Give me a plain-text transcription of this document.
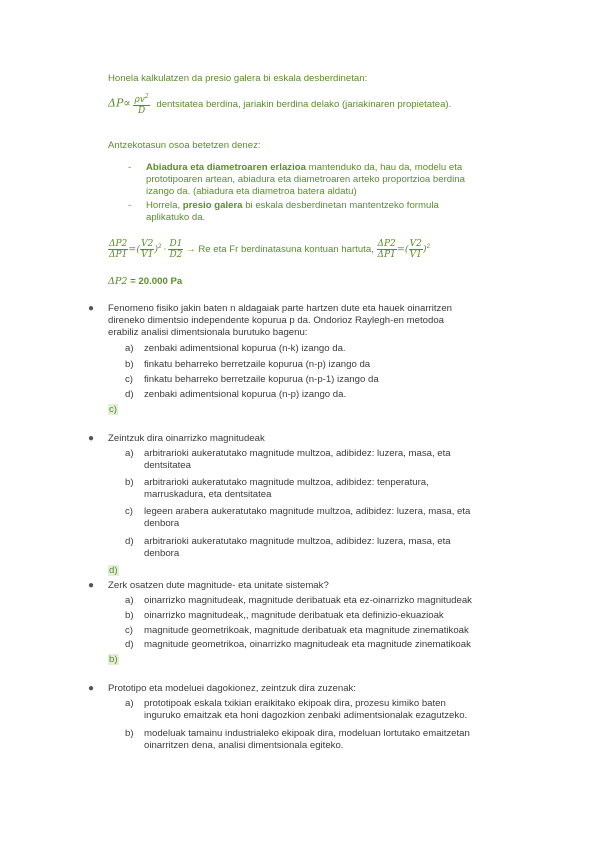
Honela kalkulatzen da presio galera bi eskala desberdinetan:
$\Delta P\propto \frac{\rho v^2}{D}$ dentsitatea berdina, jariakin berdina delako (jariakinaren propietatea).
Antzekotasun osoa betetzen denez:
- Abiadura eta diametroaren erlazioa mantenduko da, hau da, modelu eta
prototipoaren artean, abiadura eta diametroaren arteko proportzioa berdina
izango da. (abiadura eta diametroa batera aldatu)
- Horrela, presio galera bi eskala desberdinetan mantentzeko formula
aplikatuko da.
$\frac{\Delta P2}{\Delta P1}$ =( $\frac{V2}{V1} )^2 \cdot \frac{D1}{D2} \to Re$ eta Fr berdinatasuna kontuan hartuta, $\frac{\Delta P2}{\Delta P1}$ =( $\frac{V2}{V1} )^2$
ΔP2 = 20.000 Pa
● Fenomeno fisiko jakin baten n aldagaiak parte hartzen dute eta hauek oinarritzen
direneko dimentsio independente kopurua p da. Ondorioz Raylegh-en metodoa
erabiliz analisi dimentsionala burutuko bagenu:
a)	zenbaki adimentsional kopurua (n-k) izango da.
b)	finkatu beharreko berretzaile kopurua (n-p) izango da
c)	finkatu beharreko berretzaile kopurua (n-p-1) izango da
d)	zenbaki adimentsional kopurua (n-p) izango da.
c)
● Zeintzuk dira oinarrizko magnitudeak
a)	arbitrarioki aukeratutako magnitude multzoa, adibidez: luzera, masa, eta
dentsitatea
b)	arbitrarioki aukeratutako magnitude multzoa, adibidez: tenperatura,
marruskadura, eta dentsitatea
c)	legeen arabera aukeratutako magnitude multzoa, adibidez: luzera, masa, eta
denbora
d)	arbitrarioki aukeratutako magnitude multzoa, adibidez: luzera, masa, eta
denbora
d)
● Zerk osatzen dute magnitude- eta unitate sistemak?
a)	oinarrizko magnitudeak, magnitude deribatuak eta ez-oinarrizko magnitudeak
b)	oinarrizko magnitudeak,, magnitude deribatuak eta definizio-ekuazioak
c)	magnitude geometrikoak, magnitude deribatuak eta magnitude zinematikoak
d)	magnitude geometrikoa, oinarrizko magnitudeak eta magnitude zinematikoak
b)
● Prototipo eta modeluei dagokionez, zeintzuk dira zuzenak:
a)	prototipoak eskala txikian eraikitako ekipoak dira, prozesu kimiko baten
inguruko emaitzak eta honi dagozkion zenbaki adimentsionalak ezagutzeko.
b)	modeluak tamainu industrialeko ekipoak dira, modeluan lortutako emaitzetan
oinarritzen dena, analisi dimentsionala egiteko.
